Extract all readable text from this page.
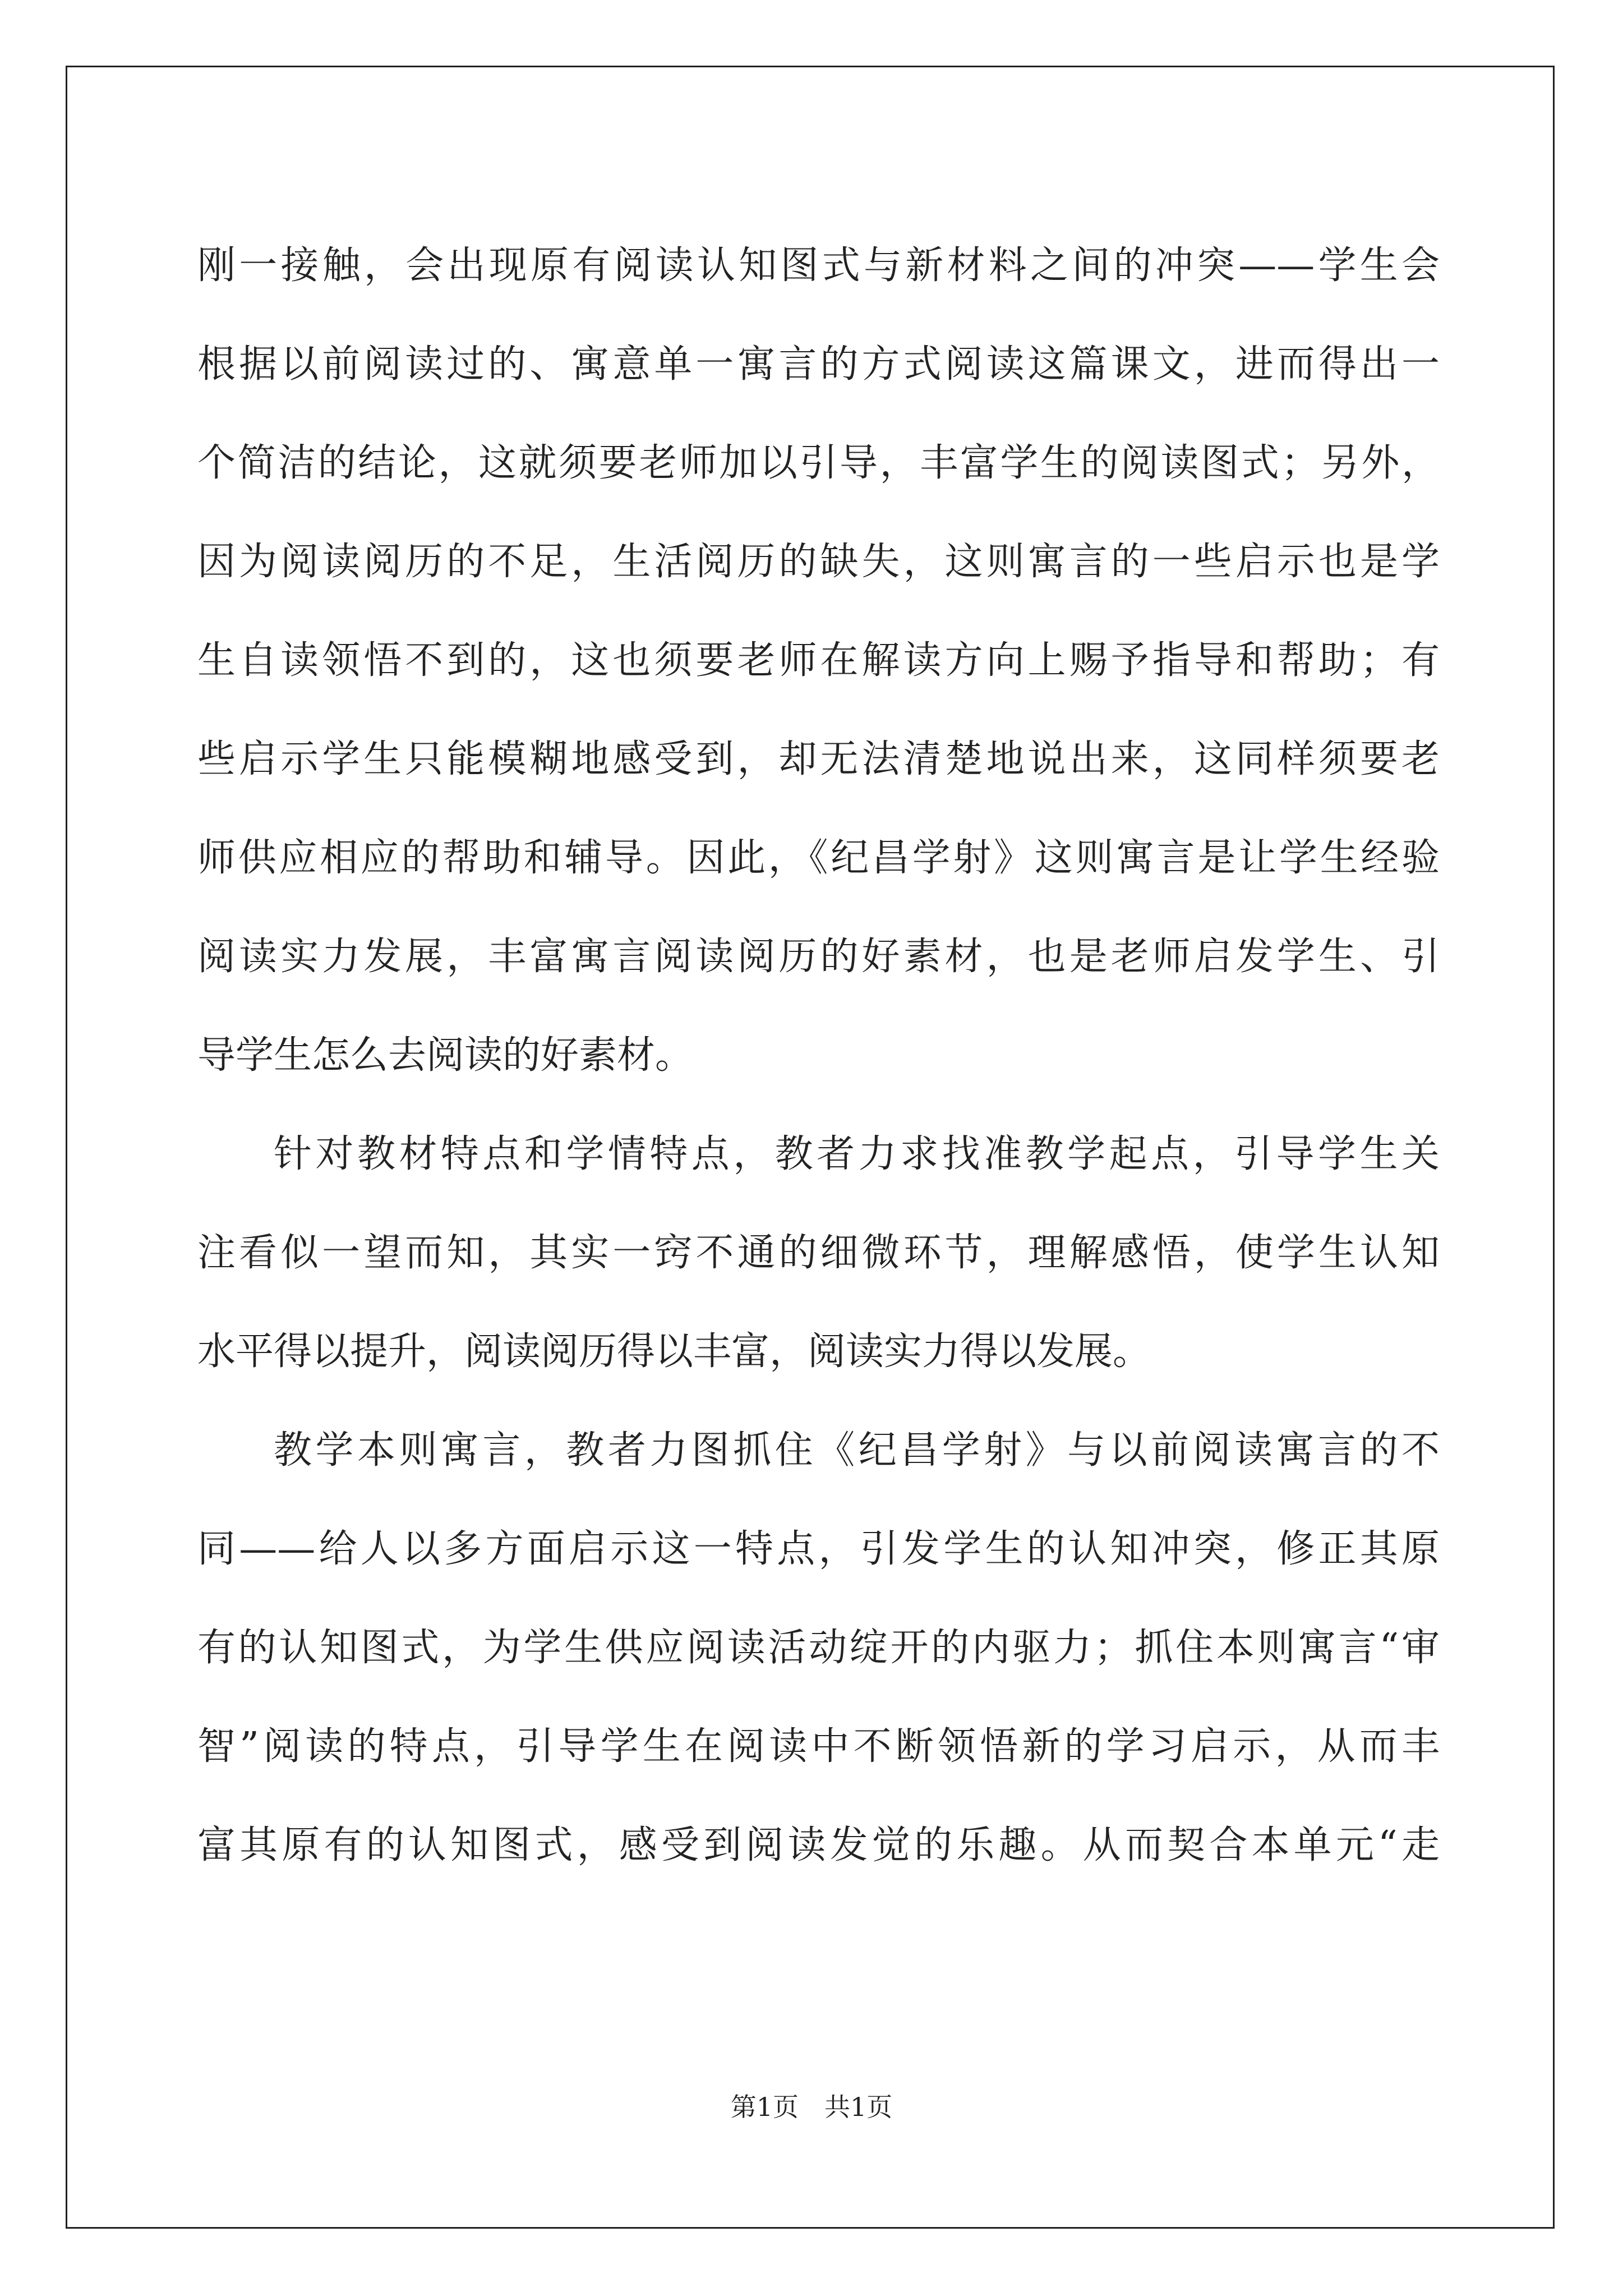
刚一接触，会出现原有阅读认知图式与新材料之间的冲突——学生会
根据以前阅读过的、寓意单一寓言的方式阅读这篇课文，进而得出一
个简洁的结论，这就须要老师加以引导，丰富学生的阅读图式；另外，
因为阅读阅历的不足，生活阅历的缺失，这则寓言的一些启示也是学
生自读领悟不到的，这也须要老师在解读方向上赐予指导和帮助；有
些启示学生只能模糊地感受到，却无法清楚地说出来，这同样须要老
师供应相应的帮助和辅导。因此，《纪昌学射》这则寓言是让学生经验
阅读实力发展，丰富寓言阅读阅历的好素材，也是老师启发学生、引
导学生怎么去阅读的好素材。
针对教材特点和学情特点，教者力求找准教学起点，引导学生关
注看似一望而知，其实一窍不通的细微环节，理解感悟，使学生认知
水平得以提升，阅读阅历得以丰富，阅读实力得以发展。
教学本则寓言，教者力图抓住《纪昌学射》与以前阅读寓言的不
同——给人以多方面启示这一特点，引发学生的认知冲突，修正其原
有的认知图式，为学生供应阅读活动绽开的内驱力；抓住本则寓言“审
智”阅读的特点，引导学生在阅读中不断领悟新的学习启示，从而丰
富其原有的认知图式，感受到阅读发觉的乐趣。从而契合本单元“走
第1页　共1页
